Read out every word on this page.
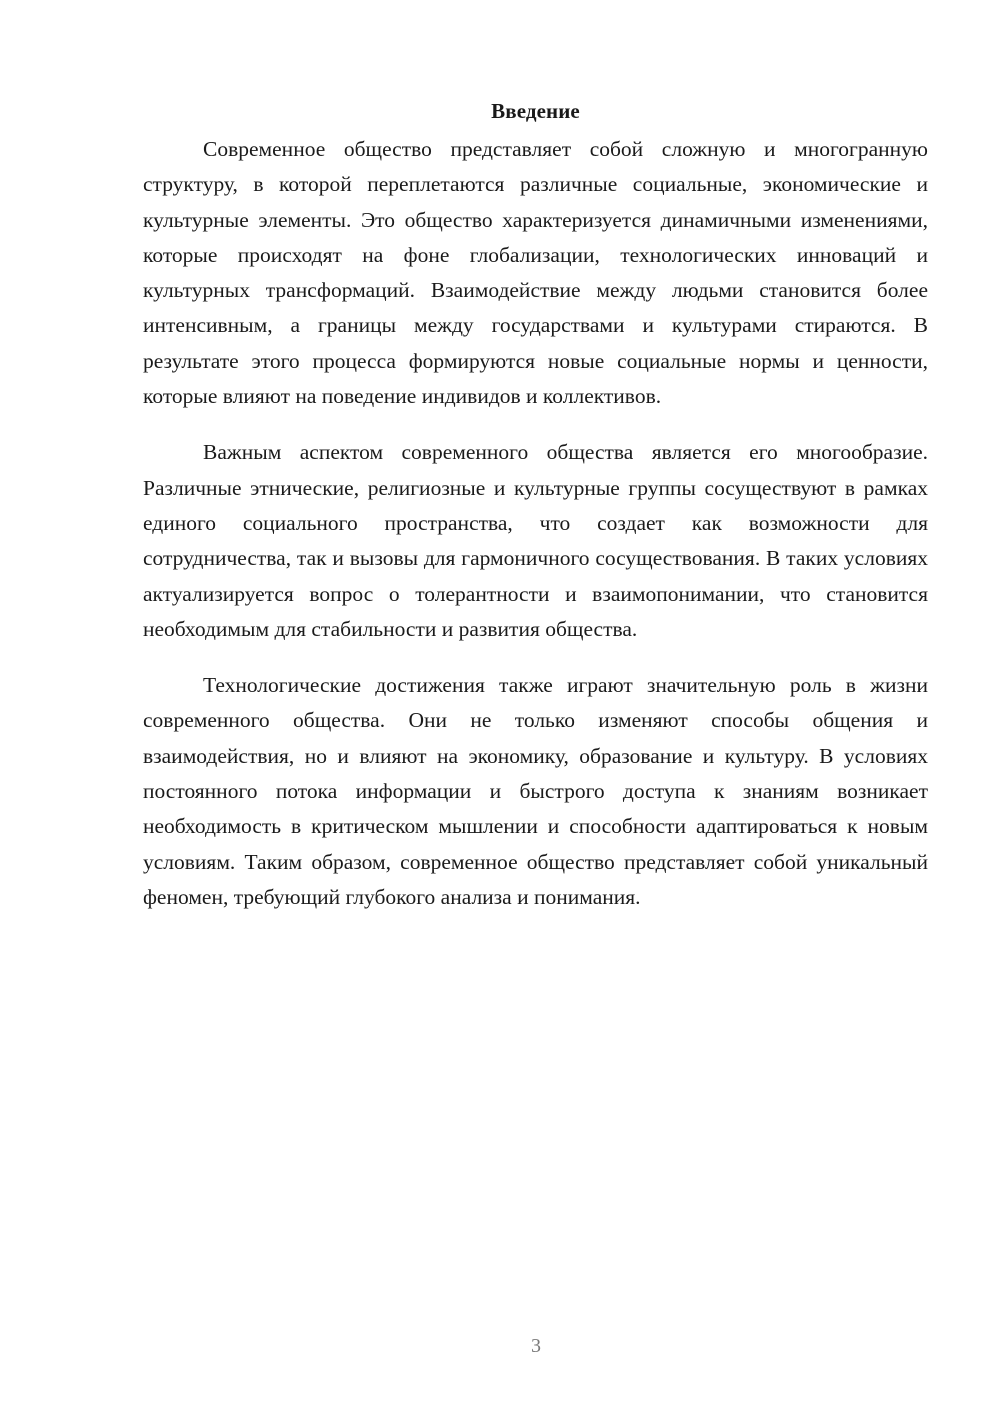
Введение

Современное общество представляет собой сложную и многогранную структуру, в которой переплетаются различные социальные, экономические и культурные элементы. Это общество характеризуется динамичными изменениями, которые происходят на фоне глобализации, технологических инноваций и культурных трансформаций. Взаимодействие между людьми становится более интенсивным, а границы между государствами и культурами стираются. В результате этого процесса формируются новые социальные нормы и ценности, которые влияют на поведение индивидов и коллективов.

Важным аспектом современного общества является его многообразие. Различные этнические, религиозные и культурные группы сосуществуют в рамках единого социального пространства, что создает как возможности для сотрудничества, так и вызовы для гармоничного сосуществования. В таких условиях актуализируется вопрос о толерантности и взаимопонимании, что становится необходимым для стабильности и развития общества.

Технологические достижения также играют значительную роль в жизни современного общества. Они не только изменяют способы общения и взаимодействия, но и влияют на экономику, образование и культуру. В условиях постоянного потока информации и быстрого доступа к знаниям возникает необходимость в критическом мышлении и способности адаптироваться к новым условиям. Таким образом, современное общество представляет собой уникальный феномен, требующий глубокого анализа и понимания.

3
